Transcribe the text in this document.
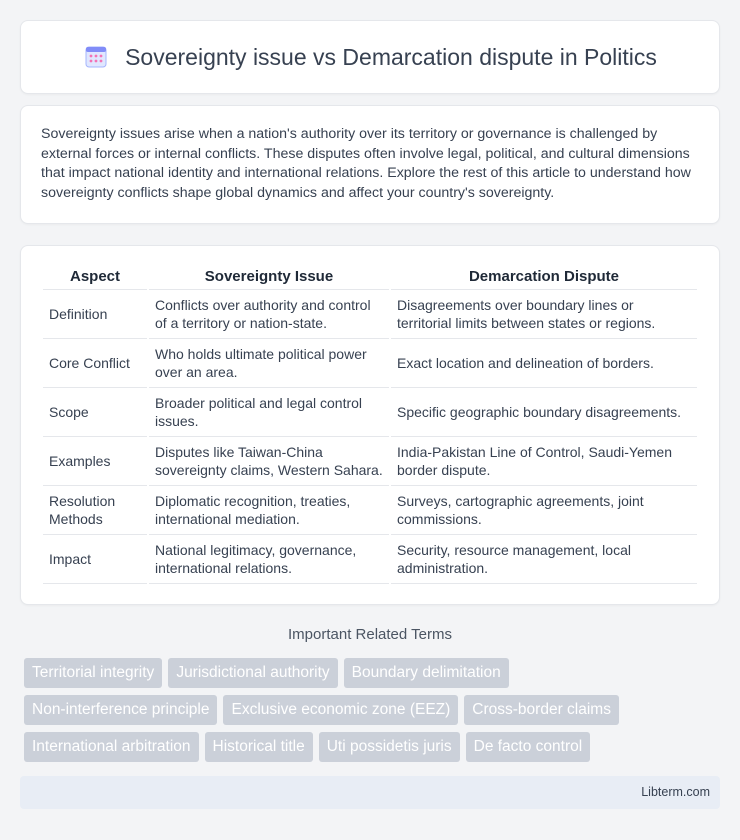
Sovereignty issue vs Demarcation dispute in Politics

Sovereignty issues arise when a nation's authority over its territory or governance is challenged by external forces or internal conflicts. These disputes often involve legal, political, and cultural dimensions that impact national identity and international relations. Explore the rest of this article to understand how sovereignty conflicts shape global dynamics and affect your country's sovereignty.

Aspect	Sovereignty Issue	Demarcation Dispute
Definition	Conflicts over authority and control of a territory or nation-state.	Disagreements over boundary lines or territorial limits between states or regions.
Core Conflict	Who holds ultimate political power over an area.	Exact location and delineation of borders.
Scope	Broader political and legal control issues.	Specific geographic boundary disagreements.
Examples	Disputes like Taiwan-China sovereignty claims, Western Sahara.	India-Pakistan Line of Control, Saudi-Yemen border dispute.
Resolution Methods	Diplomatic recognition, treaties, international mediation.	Surveys, cartographic agreements, joint commissions.
Impact	National legitimacy, governance, international relations.	Security, resource management, local administration.
Important Related Terms
Territorial integrity	Jurisdictional authority	Boundary delimitation
Non-interference principle	Exclusive economic zone (EEZ)	Cross-border claims
International arbitration	Historical title	Uti possidetis juris	De facto control
Libterm.com
